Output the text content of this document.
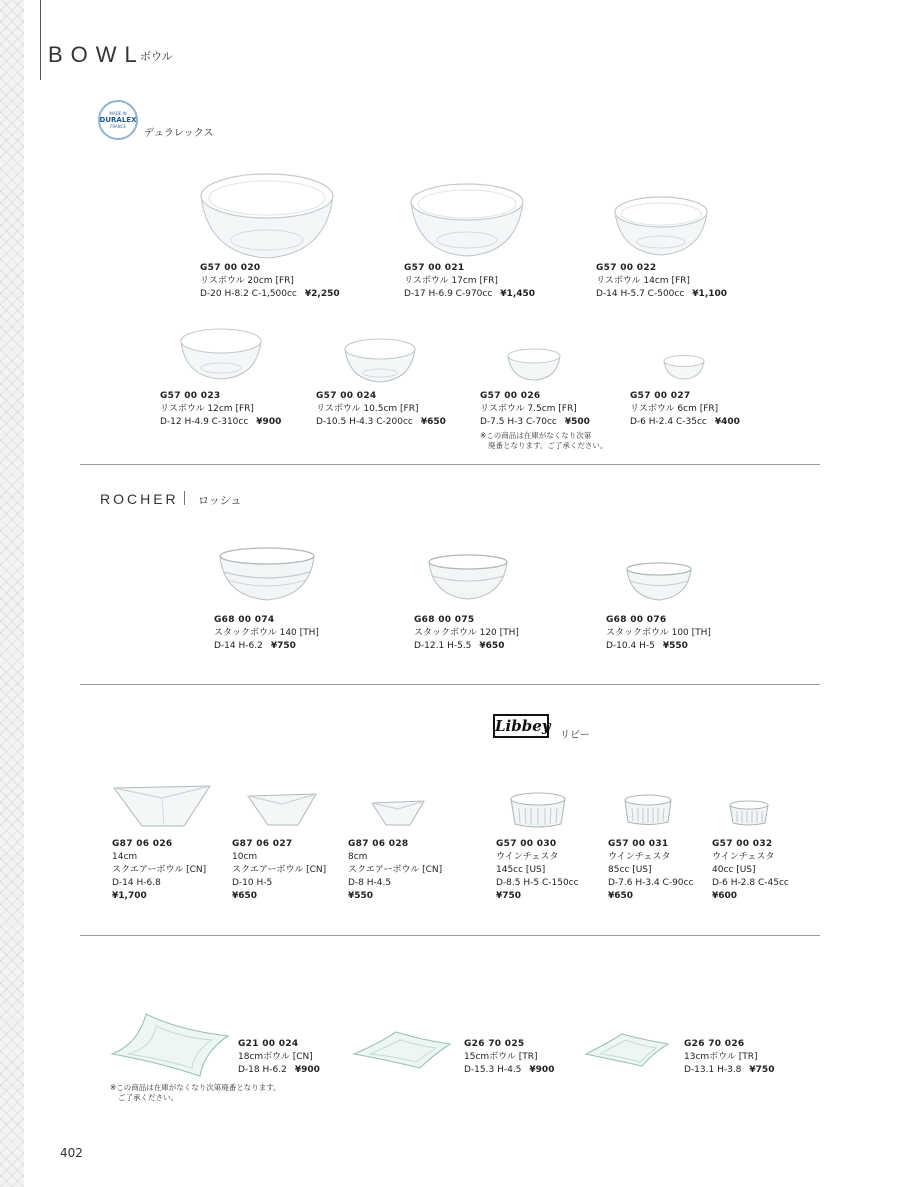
BOWL
ボウル
MADE IN
DURALEX
FRANCE
デュラレックス
G57 00 020
リスボウル 20cm [FR]
D-20 H-8.2 C-1,500cc ¥2,250
G57 00 021
リスボウル 17cm [FR]
D-17 H-6.9 C-970cc ¥1,450
G57 00 022
リスボウル 14cm [FR]
D-14 H-5.7 C-500cc ¥1,100
G57 00 023
リスボウル 12cm [FR]
D-12 H-4.9 C-310cc ¥900
G57 00 024
リスボウル 10.5cm [FR]
D-10.5 H-4.3 C-200cc ¥650
G57 00 026
リスボウル 7.5cm [FR]
D-7.5 H-3 C-70cc ¥500
※この商品は在庫がなくなり次第
廃番となります。ご了承ください。
G57 00 027
リスボウル 6cm [FR]
D-6 H-2.4 C-35cc ¥400
ROCHER ロッシュ
G68 00 074
スタックボウル 140 [TH]
D-14 H-6.2 ¥750
G68 00 075
スタックボウル 120 [TH]
D-12.1 H-5.5 ¥650
G68 00 076
スタックボウル 100 [TH]
D-10.4 H-5 ¥550
Libbey
リビー
G87 06 026
14cm
スクエアーボウル [CN]
D-14 H-6.8
¥1,700
G87 06 027
10cm
スクエアーボウル [CN]
D-10 H-5
¥650
G87 06 028
8cm
スクエアーボウル [CN]
D-8 H-4.5
¥550
G57 00 030
ウインチェスタ
145cc [US]
D-8.5 H-5 C-150cc
¥750
G57 00 031
ウインチェスタ
85cc [US]
D-7.6 H-3.4 C-90cc
¥650
G57 00 032
ウインチェスタ
40cc [US]
D-6 H-2.8 C-45cc
¥600
G21 00 024
18cmボウル [CN]
D-18 H-6.2 ¥900
G26 70 025
15cmボウル [TR]
D-15.3 H-4.5 ¥900
G26 70 026
13cmボウル [TR]
D-13.1 H-3.8 ¥750
※この商品は在庫がなくなり次第廃番となります。
ご了承ください。
402
